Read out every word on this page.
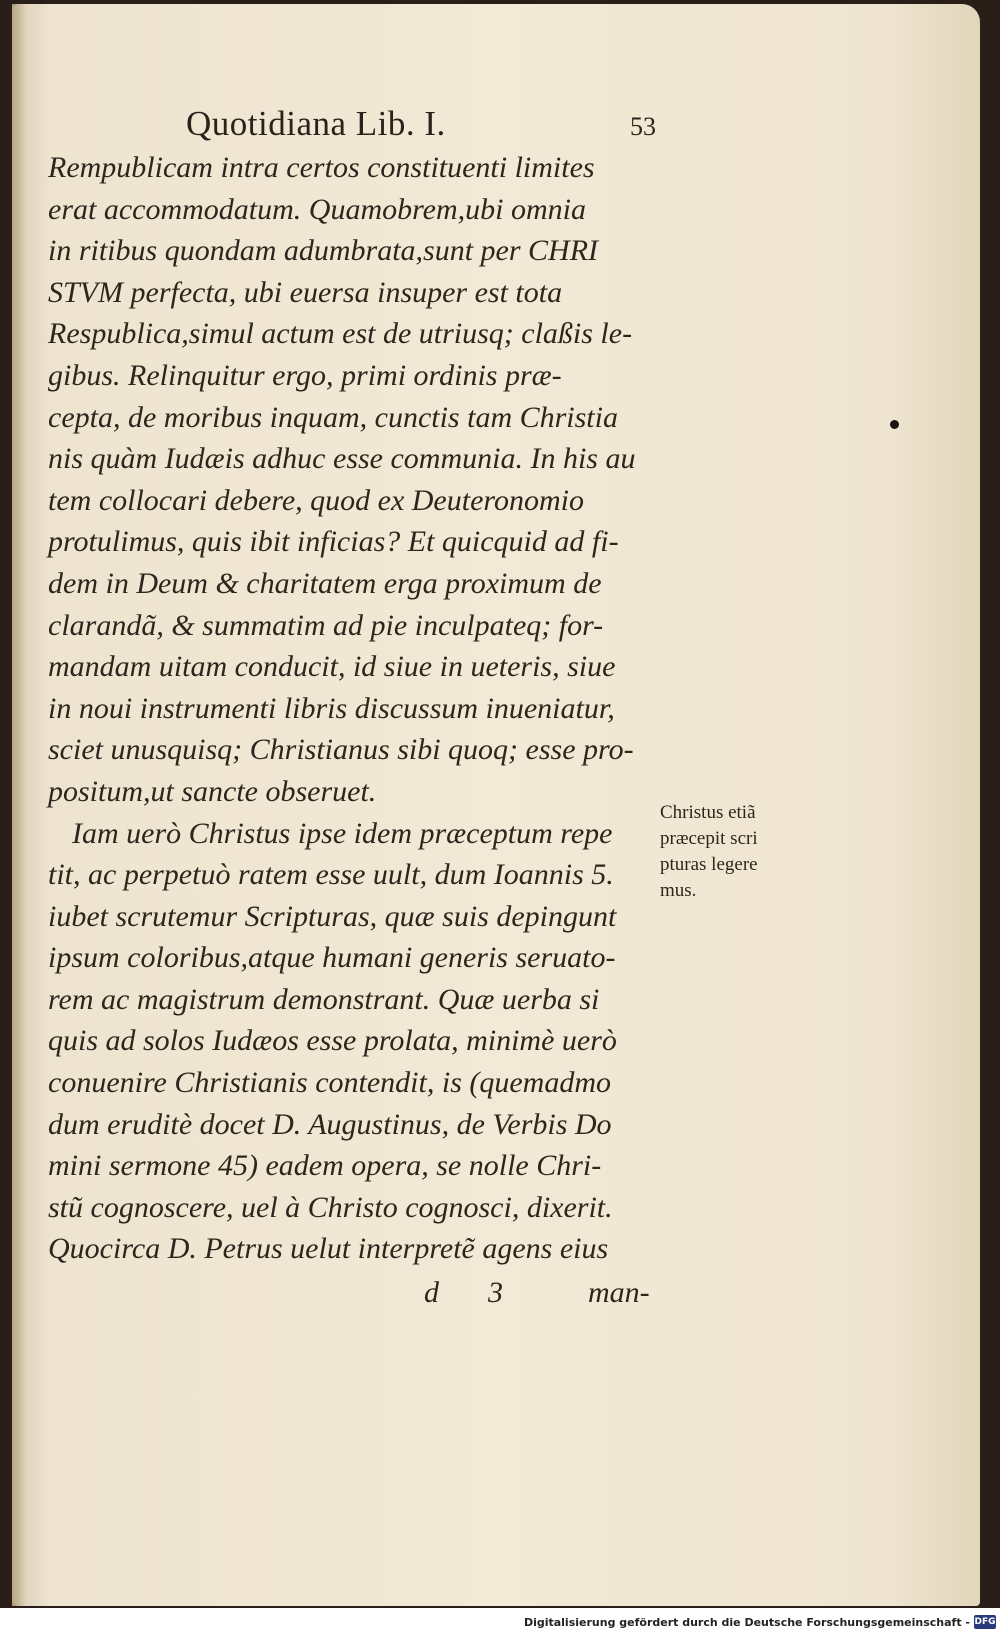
Quotidiana Lib. I.	53
Rempublicam intra certos constituenti limites
erat accommodatum. Quamobrem,ubi omnia
in ritibus quondam adumbrata,sunt per CHRI
STVM perfecta, ubi euersa insuper est tota
Respublica,simul actum est de utriusq; claßis le-
gibus. Relinquitur ergo, primi ordinis præ-
cepta, de moribus inquam, cunctis tam Christia
nis quàm Iudæis adhuc esse communia. In his au
tem collocari debere, quod ex Deuteronomio
protulimus, quis ibit inficias? Et quicquid ad fi-
dem in Deum & charitatem erga proximum de
clarandã, & summatim ad pie inculpateq; for-
mandam uitam conducit, id siue in ueteris, siue
in noui instrumenti libris discussum inueniatur,
sciet unusquisq; Christianus sibi quoq; esse pro-
positum,ut sancte obseruet.
Iam uerò Christus ipse idem præceptum repe
tit, ac perpetuò ratem esse uult, dum Ioannis 5.
iubet scrutemur Scripturas, quæ suis depingunt
ipsum coloribus,atque humani generis seruato-
rem ac magistrum demonstrant. Quæ uerba si
quis ad solos Iudæos esse prolata, minimè uerò
conuenire Christianis contendit, is (quemadmo
dum eruditè docet D. Augustinus, de Verbis Do
mini sermone 45) eadem opera, se nolle Chri-
stũ cognoscere, uel à Christo cognosci, dixerit.
Quocirca D. Petrus uelut interpretẽ agens eius
d 3	man-
Christus etiã
præcepit scri
pturas legere
mus.
Digitalisierung gefördert durch die Deutsche Forschungsgemeinschaft - DFG
